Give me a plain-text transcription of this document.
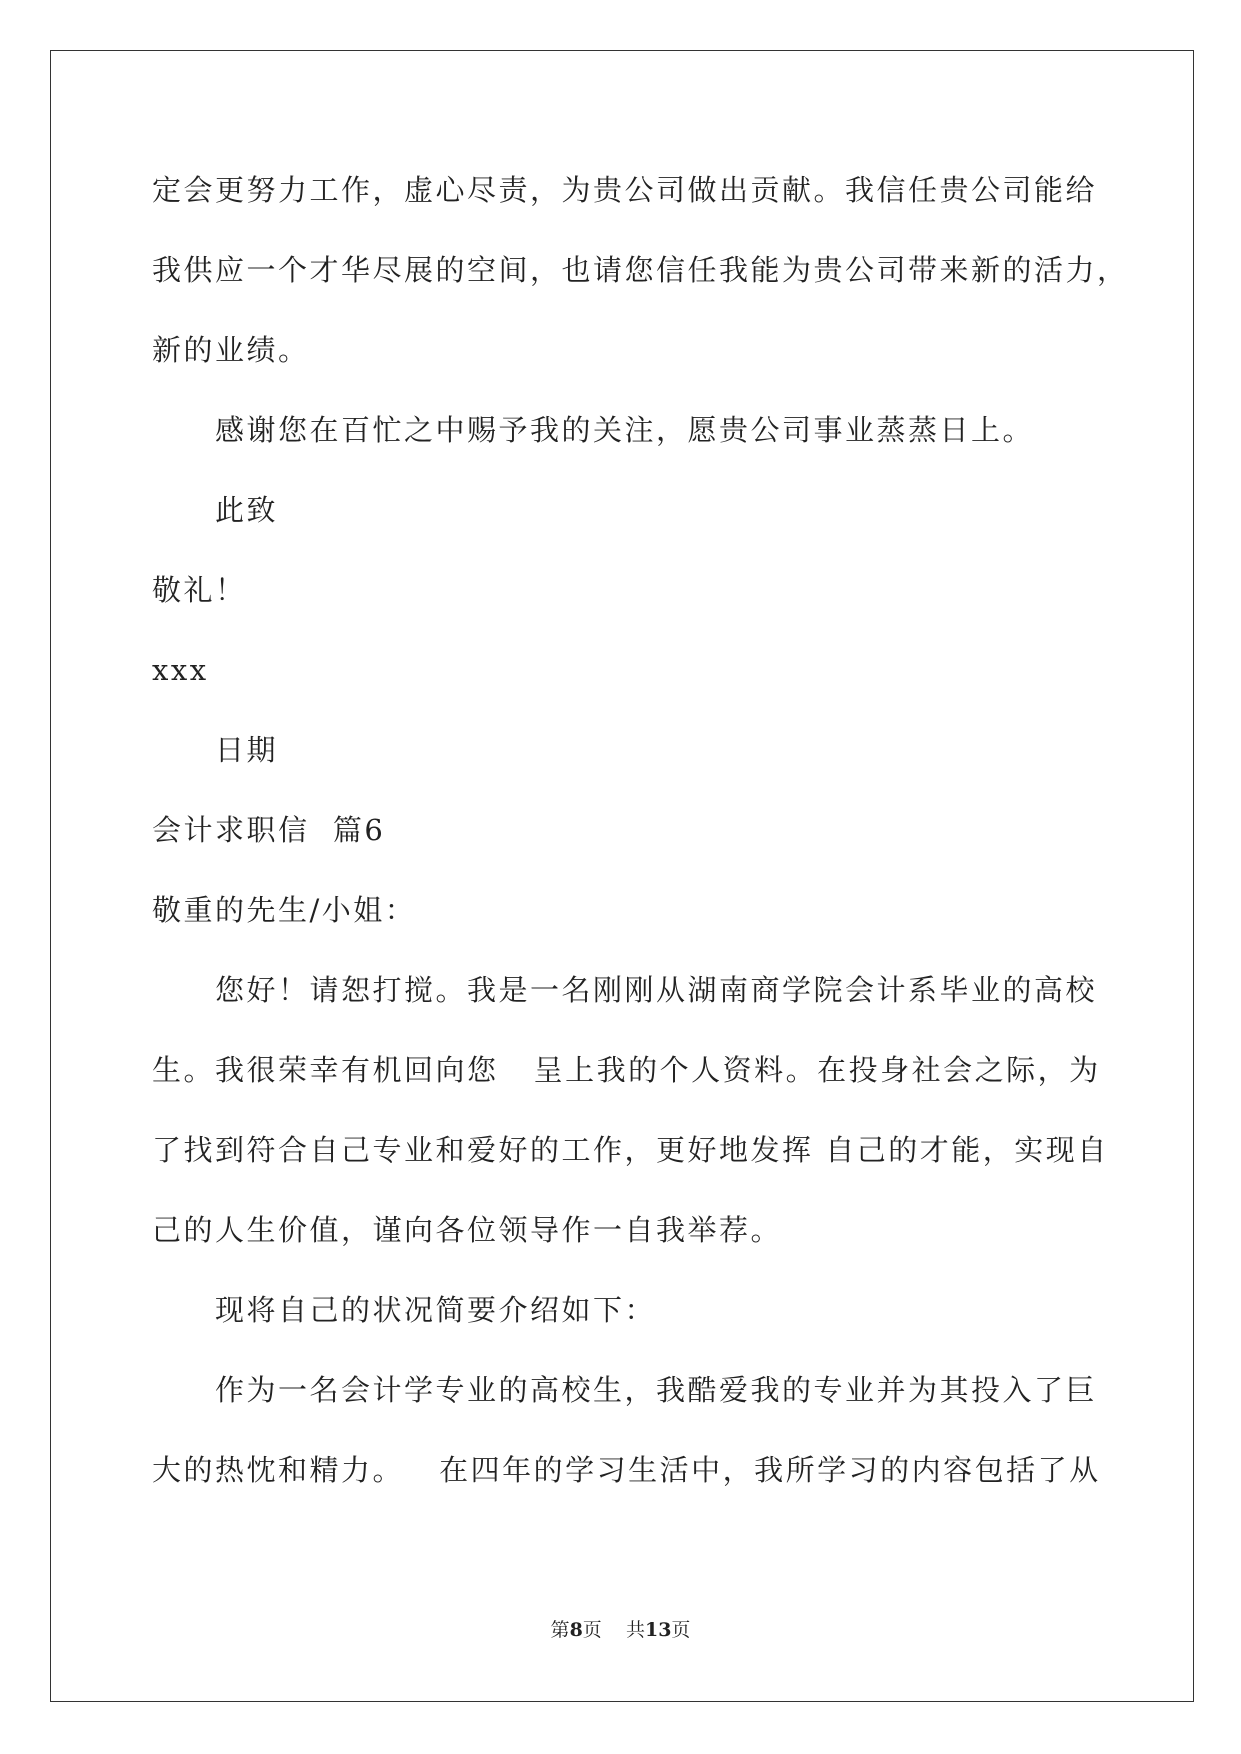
定会更努力工作，虚心尽责，为贵公司做出贡献。我信任贵公司能给
我供应一个才华尽展的空间，也请您信任我能为贵公司带来新的活力，
新的业绩。
感谢您在百忙之中赐予我的关注，愿贵公司事业蒸蒸日上。
此致
敬礼！
xxx
日期
会计求职信  篇6
敬重的先生/小姐：
您好！请恕打搅。我是一名刚刚从湖南商学院会计系毕业的高校
生。我很荣幸有机回向您   呈上我的个人资料。在投身社会之际，为
了找到符合自己专业和爱好的工作，更好地发挥 自己的才能，实现自
己的人生价值，谨向各位领导作一自我举荐。
现将自己的状况简要介绍如下：
作为一名会计学专业的高校生，我酷爱我的专业并为其投入了巨
大的热忱和精力。   在四年的学习生活中，我所学习的内容包括了从
第8页    共13页
